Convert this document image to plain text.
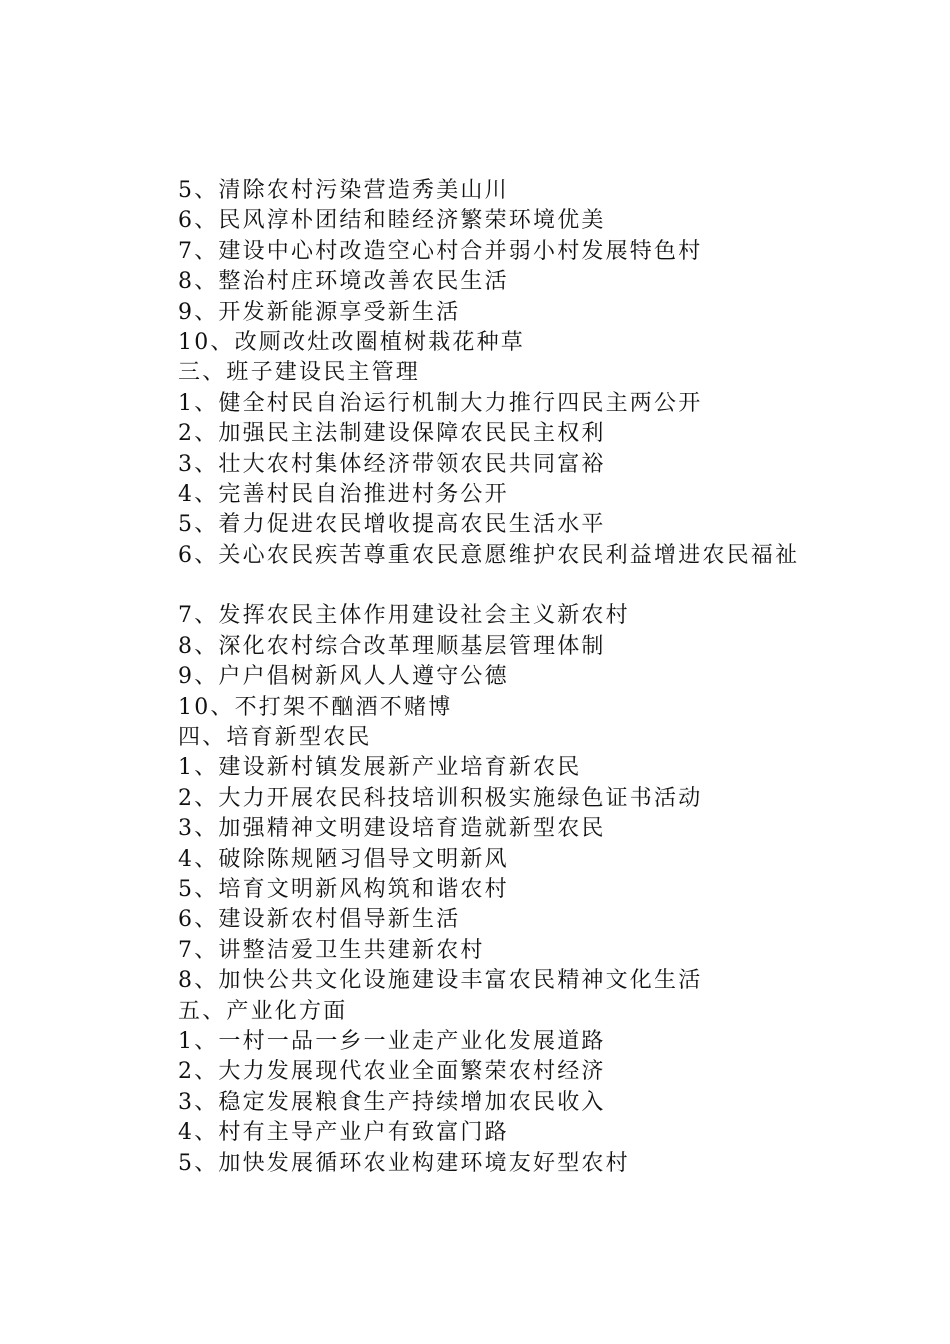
5、清除农村污染营造秀美山川
6、民风淳朴团结和睦经济繁荣环境优美
7、建设中心村改造空心村合并弱小村发展特色村
8、整治村庄环境改善农民生活
9、开发新能源享受新生活
10、改厕改灶改圈植树栽花种草
三、班子建设民主管理
1、健全村民自治运行机制大力推行四民主两公开
2、加强民主法制建设保障农民民主权利
3、壮大农村集体经济带领农民共同富裕
4、完善村民自治推进村务公开
5、着力促进农民增收提高农民生活水平
6、关心农民疾苦尊重农民意愿维护农民利益增进农民福祉
7、发挥农民主体作用建设社会主义新农村
8、深化农村综合改革理顺基层管理体制
9、户户倡树新风人人遵守公德
10、不打架不酗酒不赌博
四、培育新型农民
1、建设新村镇发展新产业培育新农民
2、大力开展农民科技培训积极实施绿色证书活动
3、加强精神文明建设培育造就新型农民
4、破除陈规陋习倡导文明新风
5、培育文明新风构筑和谐农村
6、建设新农村倡导新生活
7、讲整洁爱卫生共建新农村
8、加快公共文化设施建设丰富农民精神文化生活
五、产业化方面
1、一村一品一乡一业走产业化发展道路
2、大力发展现代农业全面繁荣农村经济
3、稳定发展粮食生产持续增加农民收入
4、村有主导产业户有致富门路
5、加快发展循环农业构建环境友好型农村
